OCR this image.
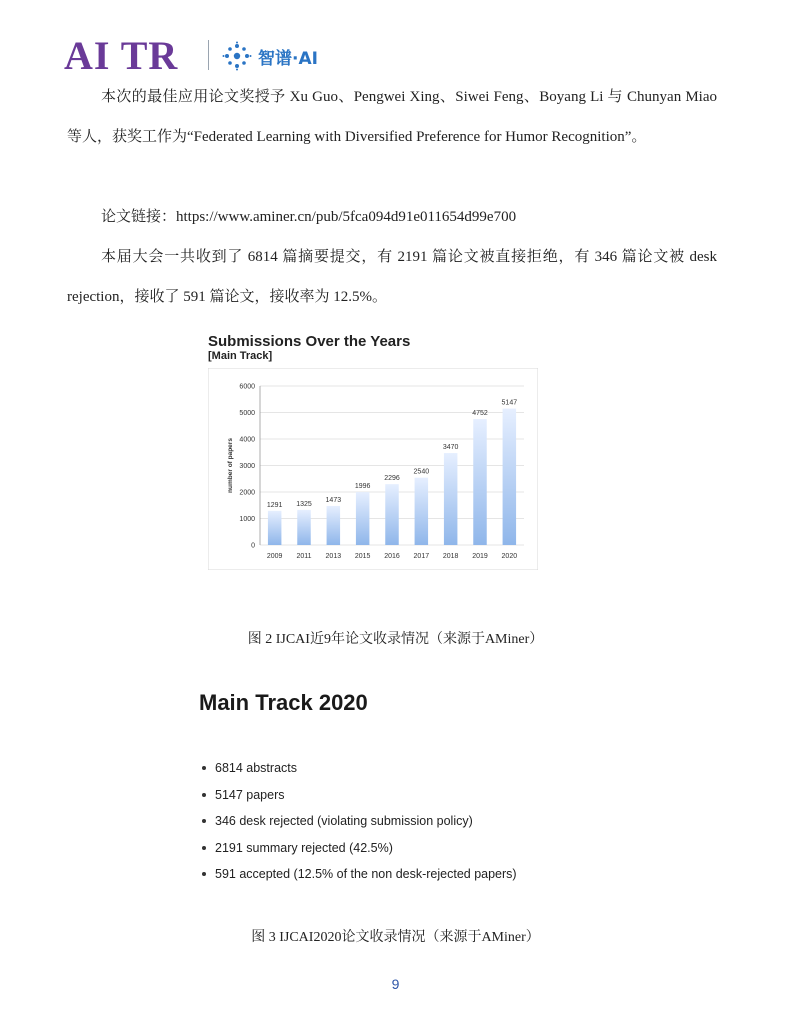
AI TR	智谱·AI
本次的最佳应用论文奖授予 Xu Guo、Pengwei Xing、Siwei Feng、Boyang Li 与 Chunyan Miao 等人，获奖工作为“Federated Learning with Diversified Preference for Humor Recognition”。
论文链接：https://www.aminer.cn/pub/5fca094d91e011654d99e700
本届大会一共收到了 6814 篇摘要提交，有 2191 篇论文被直接拒绝，有 346 篇论文被 desk rejection，接收了 591 篇论文，接收率为 12.5%。
Submissions Over the Years
[Main Track]
0
1000
2000
3000
4000
5000
6000
number of papers
1291
2009
1325
2011
1473
2013
1996
2015
2296
2016
2540
2017
3470
2018
4752
2019
5147
2020
图 2 IJCAI近9年论文收录情况（来源于AMiner）
Main Track 2020
6814 abstracts
5147 papers
346 desk rejected (violating submission policy)
2191 summary rejected (42.5%)
591 accepted (12.5% of the non desk-rejected papers)
图 3 IJCAI2020论文收录情况（来源于AMiner）
9
